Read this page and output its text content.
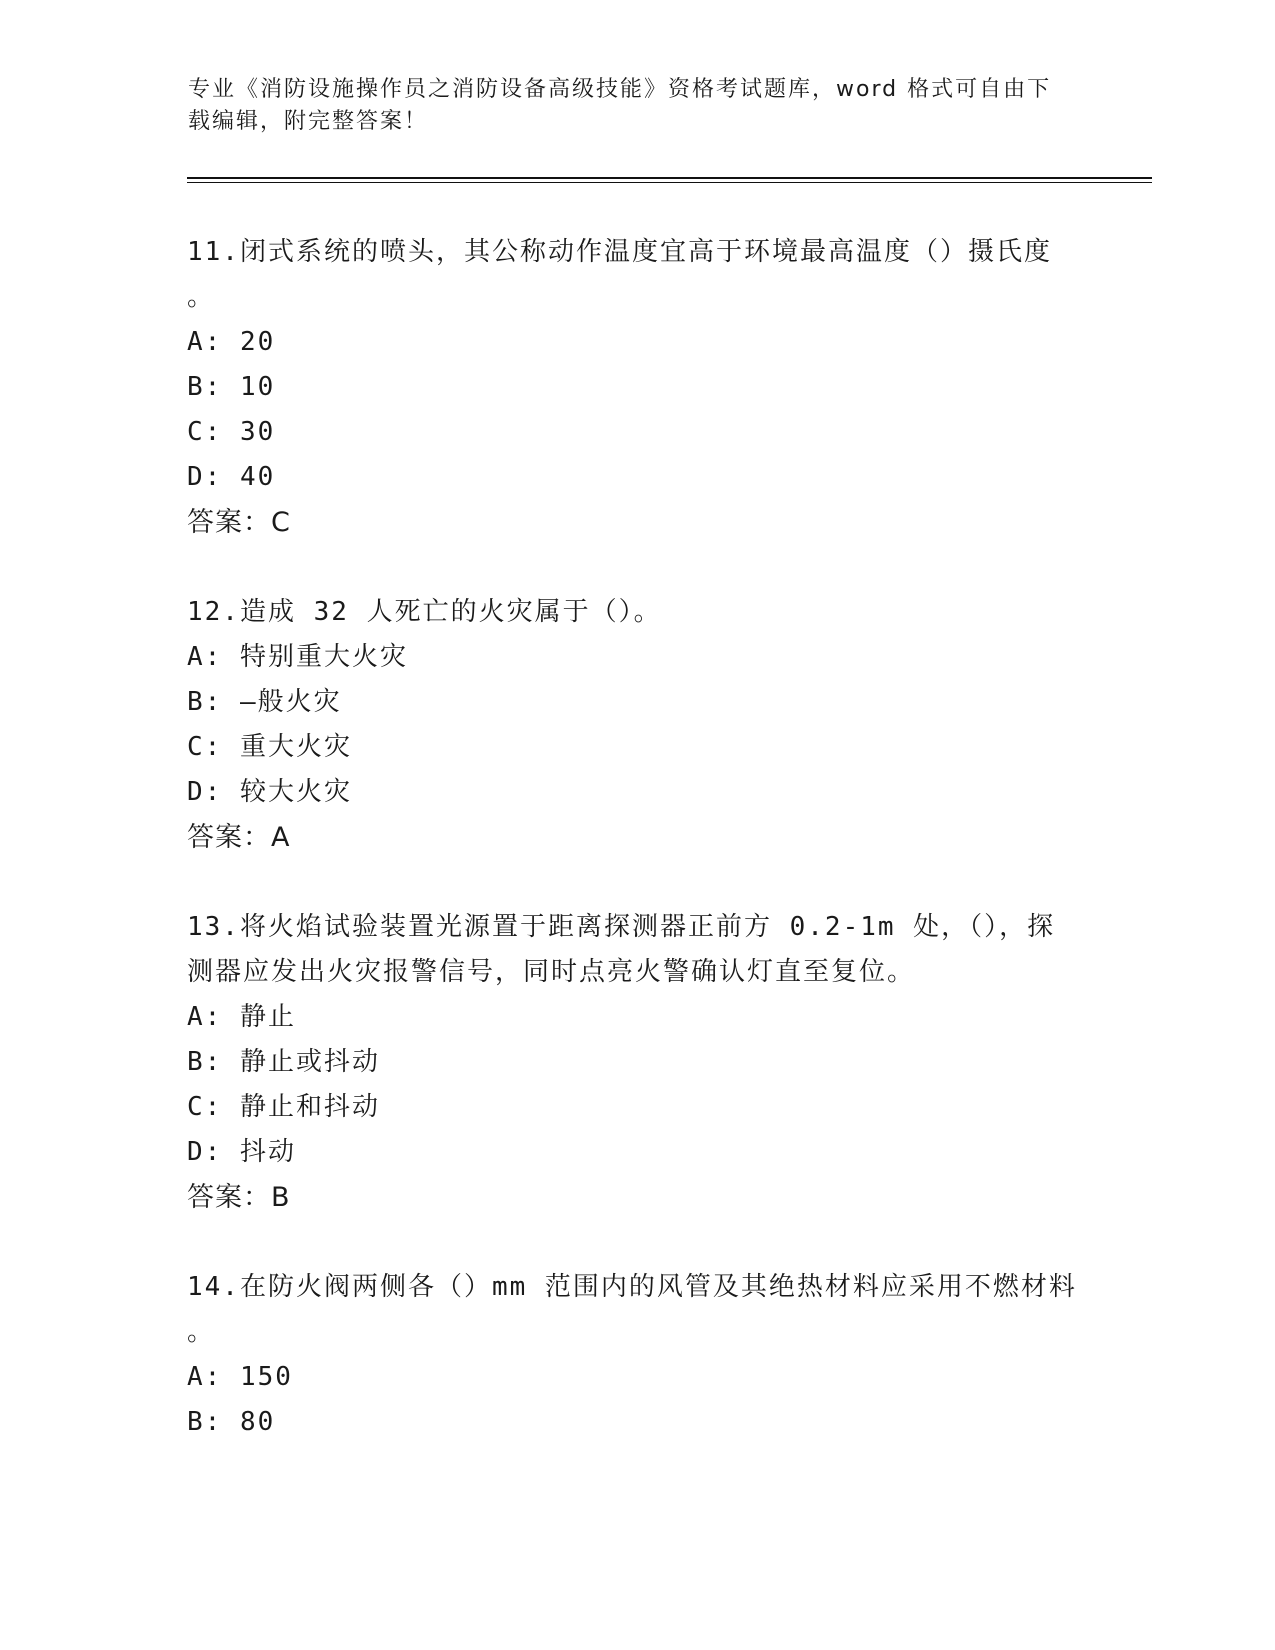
专业《消防设施操作员之消防设备高级技能》资格考试题库，word 格式可自由下
载编辑，附完整答案！
11.闭式系统的喷头，其公称动作温度宜高于环境最高温度（）摄氏度
。
A: 20
B: 10
C: 30
D: 40
答案：C
12.造成 32 人死亡的火灾属于（）。
A: 特别重大火灾
B: —般火灾
C: 重大火灾
D: 较大火灾
答案：A
13.将火焰试验装置光源置于距离探测器正前方 0.2-1m 处，（），探
测器应发出火灾报警信号，同时点亮火警确认灯直至复位。
A: 静止
B: 静止或抖动
C: 静止和抖动
D: 抖动
答案：B
14.在防火阀两侧各（）mm 范围内的风管及其绝热材料应采用不燃材料
。
A: 150
B: 80
